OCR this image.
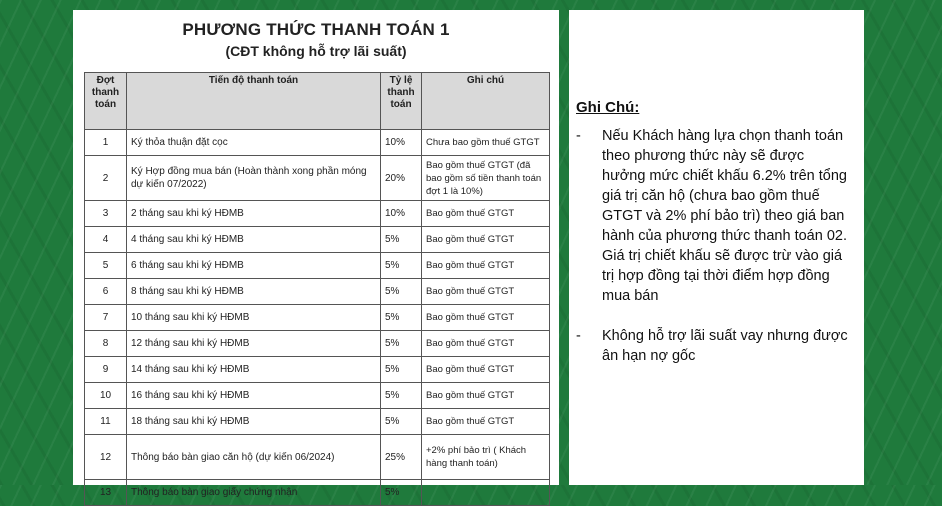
PHƯƠNG THỨC THANH TOÁN 1
(CĐT không hỗ trợ lãi suất)
Đợt thanh toán	Tiến độ thanh toán	Tỷ lệ thanh toán	Ghi chú
1	Ký thỏa thuận đặt cọc	10%	Chưa bao gồm thuế GTGT
2	Ký Hợp đồng mua bán (Hoàn thành xong phần móng dự kiến 07/2022)	20%	Bao gồm thuế GTGT (đã bao gồm số tiền thanh toán đợt 1 là 10%)
3	2 tháng sau khi ký HĐMB	10%	Bao gồm thuế GTGT
4	4 tháng sau khi ký HĐMB	5%	Bao gồm thuế GTGT
5	6 tháng sau khi ký HĐMB	5%	Bao gồm thuế GTGT
6	8 tháng sau khi ký HĐMB	5%	Bao gồm thuế GTGT
7	10 tháng sau khi ký HĐMB	5%	Bao gồm thuế GTGT
8	12 tháng sau khi ký HĐMB	5%	Bao gồm thuế GTGT
9	14 tháng sau khi ký HĐMB	5%	Bao gồm thuế GTGT
10	16 tháng sau khi ký HĐMB	5%	Bao gồm thuế GTGT
11	18 tháng sau khi ký HĐMB	5%	Bao gồm thuế GTGT
12	Thông báo bàn giao căn hộ (dự kiến 06/2024)	25%	+2% phí bảo trì ( Khách hàng thanh toán)
13	Thông báo bàn giao giấy chứng nhận	5%	
Ghi Chú:
- Nếu Khách hàng lựa chọn thanh toán theo phương thức này sẽ được hưởng mức chiết khấu 6.2% trên tổng giá trị căn hộ (chưa bao gồm thuế GTGT và 2% phí bảo trì) theo giá ban hành của phương thức thanh toán 02. Giá trị chiết khấu sẽ được trừ vào giá trị hợp đồng tại thời điểm hợp đồng mua bán
- Không hỗ trợ lãi suất vay nhưng được ân hạn nợ gốc
